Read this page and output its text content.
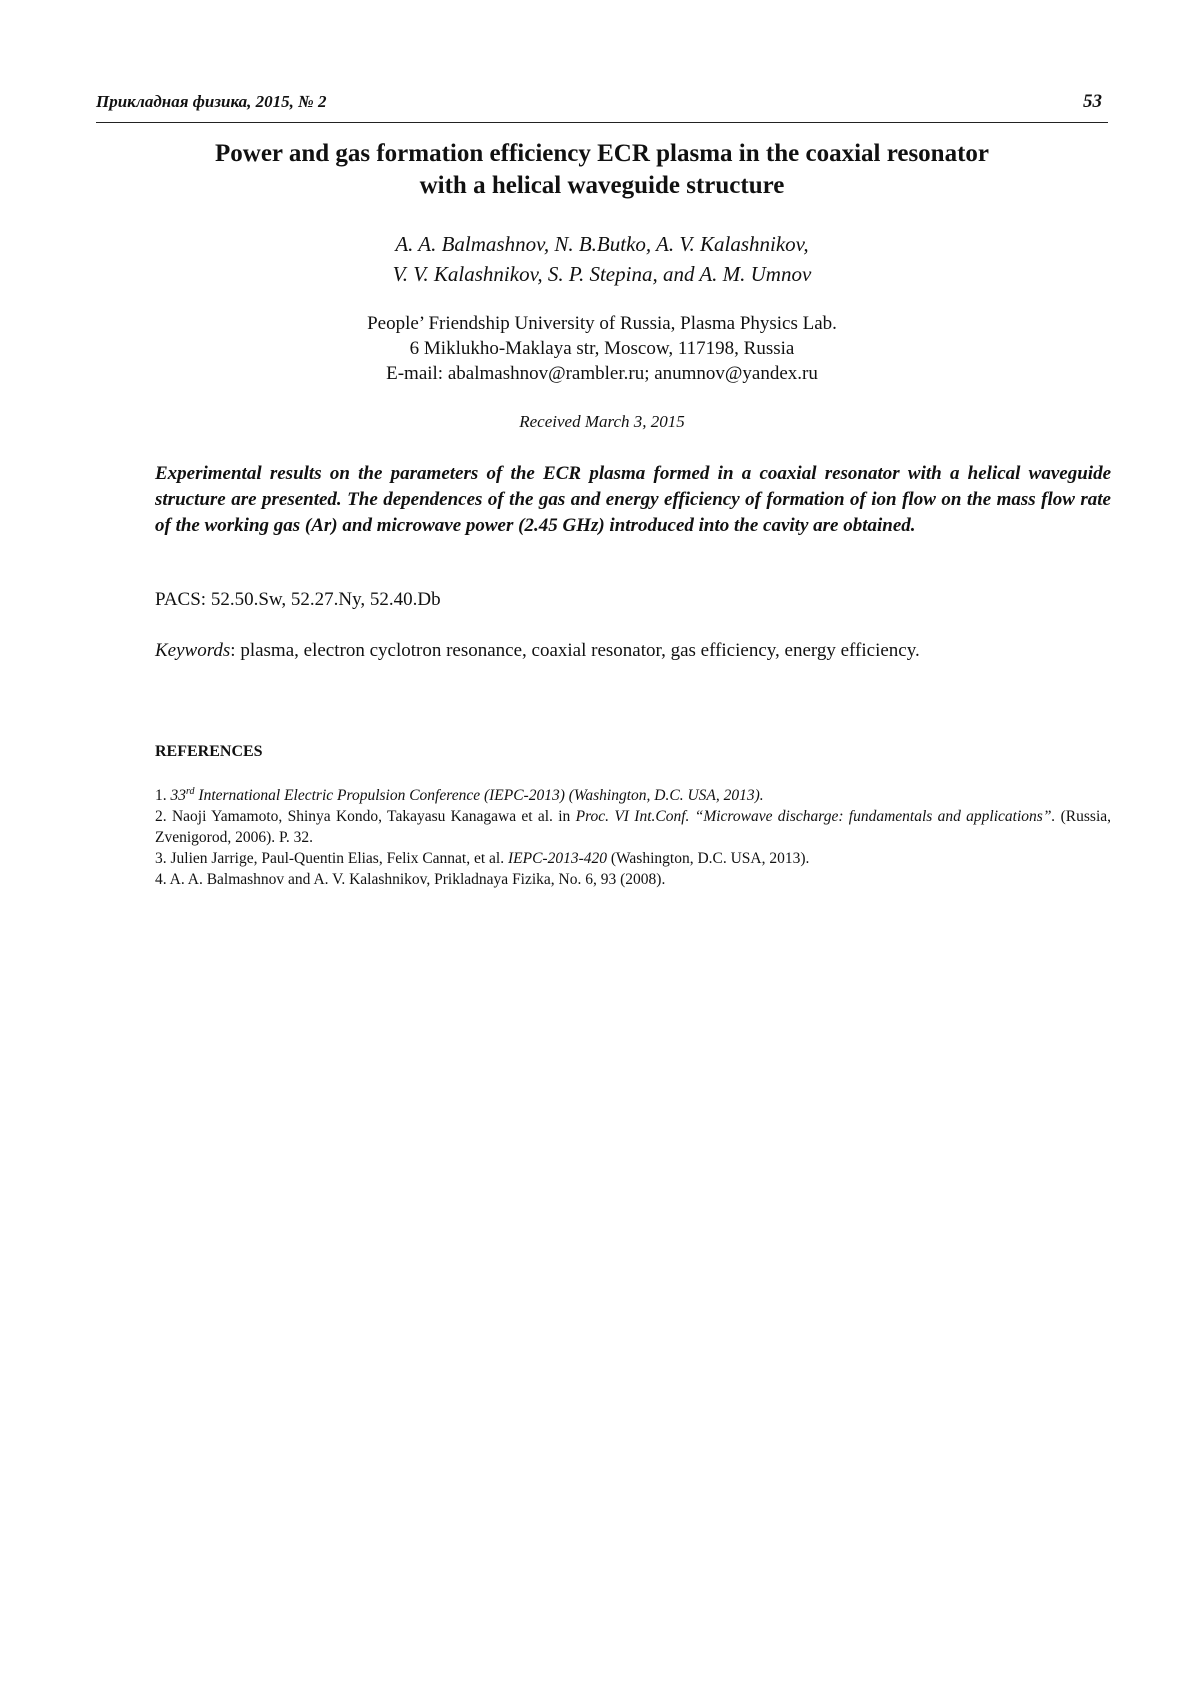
Прикладная физика, 2015, № 2	53
Power and gas formation efficiency ECR plasma in the coaxial resonator
with a helical waveguide structure
A. A. Balmashnov, N. B.Butko, A. V. Kalashnikov,
V. V. Kalashnikov, S. P. Stepina, and A. M. Umnov
People’ Friendship University of Russia, Plasma Physics Lab.
6 Miklukho-Maklaya str, Moscow, 117198, Russia
E-mail: abalmashnov@rambler.ru; anumnov@yandex.ru
Received March 3, 2015
Experimental results on the parameters of the ECR plasma formed in a coaxial resonator with a helical waveguide structure are presented. The dependences of the gas and energy efficiency of formation of ion flow on the mass flow rate of the working gas (Ar) and microwave power (2.45 GHz) introduced into the cavity are obtained.
PACS: 52.50.Sw, 52.27.Ny, 52.40.Db
Keywords: plasma, electron cyclotron resonance, coaxial resonator, gas efficiency, energy efficiency.
REFERENCES
1. 33rd International Electric Propulsion Conference (IEPC-2013) (Washington, D.C. USA, 2013).
2. Naoji Yamamoto, Shinya Kondo, Takayasu Kanagawa et al. in Proc. VI Int.Conf. “Microwave discharge: fundamentals and applications”. (Russia, Zvenigorod, 2006). P. 32.
3. Julien Jarrige, Paul-Quentin Elias, Felix Cannat, et al. IEPC-2013-420 (Washington, D.C. USA, 2013).
4. A. A. Balmashnov and A. V. Kalashnikov, Prikladnaya Fizika, No. 6, 93 (2008).
